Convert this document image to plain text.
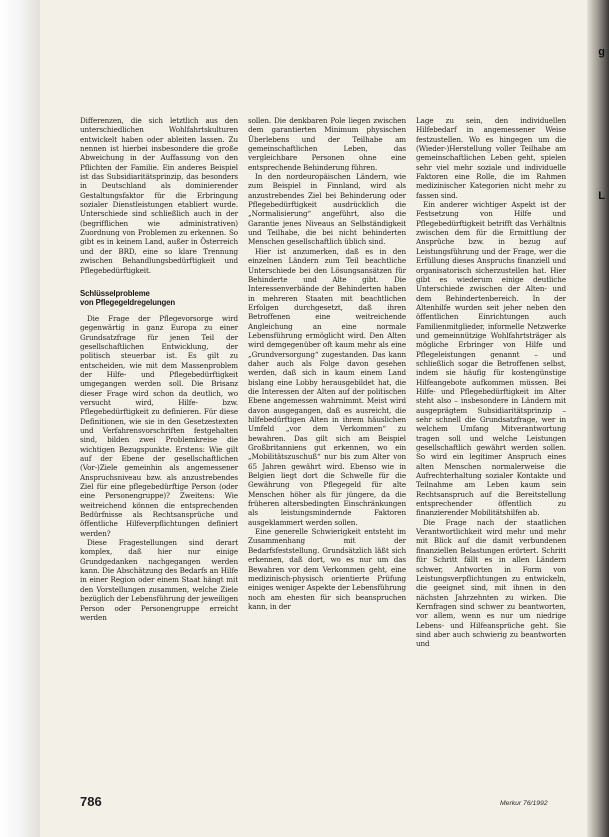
Differenzen, die sich letztlich aus den unterschiedlichen Wohlfahrtskulturen entwickelt haben oder ableiten lassen. Zu nennen ist hierbei insbesondere die große Abweichung in der Auffassung von den Pflichten der Familie. Ein anderes Beispiel ist das Subsidiaritätsprinzip, das besonders in Deutschland als dominierender Gestaltungsfaktor für die Erbringung sozialer Dienstleistungen etabliert wurde. Unterschiede sind schließlich auch in der (begrifflichen wie administrativen) Zuordnung von Problemen zu erkennen. So gibt es in keinem Land, außer in Österreich und der BRD, eine so klare Trennung zwischen Behandlungsbedürftigkeit und Pflegebedürftigkeit.

Schlüsselprobleme
von Pflegegeldregelungen

Die Frage der Pflegevorsorge wird gegenwärtig in ganz Europa zu einer Grundsatzfrage für jenen Teil der gesellschaftlichen Entwicklung, der politisch steuerbar ist. Es gilt zu entscheiden, wie mit dem Massenproblem der Hilfe- und Pflegebedürftigkeit umgegangen werden soll. Die Brisanz dieser Frage wird schon da deutlich, wo versucht wird, Hilfe- bzw. Pflegebedürftigkeit zu definieren. Für diese Definitionen, wie sie in den Gesetzestexten und Verfahrensvorschriften festgehalten sind, bilden zwei Problemkreise die wichtigen Bezugspunkte. Erstens: Wie gilt auf der Ebene der gesellschaftlichen (Vor-)Ziele gemeinhin als angemessener Anspruchsniveau bzw. als anzustrebendes Ziel für eine pflegebedürftige Person (oder eine Personengruppe)? Zweitens: Wie weitreichend können die entsprechenden Bedürfnisse als Rechtsansprüche und öffentliche Hilfeverpflichtungen definiert werden?

Diese Fragestellungen sind derart komplex, daß hier nur einige Grundgedanken nachgegangen werden kann. Die Abschätzung des Bedarfs an Hilfe in einer Region oder einem Staat hängt mit den Vorstellungen zusammen, welche Ziele bezüglich der Lebensführung der jeweiligen Person oder Personengruppe erreicht werden

sollen. Die denkbaren Pole liegen zwischen dem garantierten Minimum physischen Überlebens und der Teilhabe am gemeinschaftlichen Leben, das vergleichbare Personen ohne eine entsprechende Behinderung führen.

In den nordeuropäischen Ländern, wie zum Beispiel in Finnland, wird als anzustrebendes Ziel bei Behinderung oder Pflegebedürftigkeit ausdrücklich die „Normalisierung“ angeführt, also die Garantie jenes Niveaus an Selbständigkeit und Teilhabe, die bei nicht behinderten Menschen gesellschaftlich üblich sind.

Hier ist anzumerken, daß es in den einzelnen Ländern zum Teil beachtliche Unterschiede bei den Lösungsansätzen für Behinderte und Alte gibt. Die Interessenverbände der Behinderten haben in mehreren Staaten mit beachtlichen Erfolgen durchgesetzt, daß ihren Betroffenen eine weitreichende Angleichung an eine normale Lebensführung ermöglicht wird. Den Alten wird demgegenüber oft kaum mehr als eine „Grundversorgung“ zugestanden. Das kann daher auch als Folge davon gesehen werden, daß sich in kaum einem Land bislang eine Lobby herausgebildet hat, die die Interessen der Alten auf der politischen Ebene angemessen wahrnimmt. Meist wird davon ausgegangen, daß es ausreicht, die hilfebedürftigen Alten in ihrem häuslichen Umfeld „vor dem Verkommen“ zu bewahren. Das gilt sich am Beispiel Großbritanniens gut erkennen, wo ein „Mobilitätszuschuß“ nur bis zum Alter von 65 Jahren gewährt wird. Ebenso wie in Belgien liegt dort die Schwelle für die Gewährung von Pflegegeld für alte Menschen höher als für jüngere, da die früheren altersbedingten Einschränkungen als leistungsmindernde Faktoren ausgeklammert werden sollen.

Eine generelle Schwierigkeit entsteht im Zusammenhang mit der Bedarfsfeststellung. Grundsätzlich läßt sich erkennen, daß dort, wo es nur um das Bewahren vor dem Verkommen geht, eine medizinisch-physisch orientierte Prüfung einiges weniger Aspekte der Lebensführung noch am ehesten für sich beanspruchen kann, in der

Lage zu sein, den individuellen Hilfebedarf in angemessener Weise festzustellen. Wo es hingegen um die (Wieder-)Herstellung voller Teilhabe am gemeinschaftlichen Leben geht, spielen sehr viel mehr soziale und individuelle Faktoren eine Rolle, die im Rahmen medizinischer Kategorien nicht mehr zu fassen sind.

Ein anderer wichtiger Aspekt ist der Festsetzung von Hilfe und Pflegebedürftigkeit betrifft das Verhältnis zwischen dem für die Ermittlung der Ansprüche bzw. in bezug auf Leistungsführung und der Frage, wer die Erfüllung dieses Anspruchs finanziell und organisatorisch sicherzustellen hat. Hier gibt es wiederum einige deutliche Unterschiede zwischen der Alten- und dem Behindertenbereich. In der Altenhilfe wurden seit jeher neben den öffentlichen Einrichtungen auch Familienmitglieder, informelle Netzwerke und gemeinnützige Wohlfahrtsträger als mögliche Erbringer von Hilfe und Pflegeleistungen genannt – und schließlich sogar die Betroffenen selbst, indem sie häufig für kostengünstige Hilfeangebote aufkommen müssen. Bei Hilfe- und Pflegebedürftigkeit im Alter steht also – insbesondere in Ländern mit ausgeprägtem Subsidiaritätsprinzip – sehr schnell die Grundsatzfrage, wer in welchem Umfang Mitverantwortung tragen soll und welche Leistungen gesellschaftlich gewährt werden sollen. So wird ein legitimer Anspruch eines alten Menschen normalerweise die Aufrechterhaltung sozialer Kontakte und Teilnahme am Leben kaum sein Rechtsanspruch auf die Bereitstellung entsprechender öffentlich zu finanzierender Mobilitätshilfen ab.

Die Frage nach der staatlichen Verantwortlichkeit wird mehr und mehr mit Blick auf die damit verbundenen finanziellen Belastungen erörtert. Schritt für Schritt fällt es in allen Ländern schwer, Antworten in Form von Leistungsverpflichtungen zu entwickeln, die geeignet sind, mit ihnen in den nächsten Jahrzehnten zu wirken. Die Kernfragen sind schwer zu beantworten, vor allem, wenn es nur um niedrige Lebens- und Hilfeansprüche geht. Sie sind aber auch schwierig zu beantworten und

g
L
786	Merkur 76/1992
